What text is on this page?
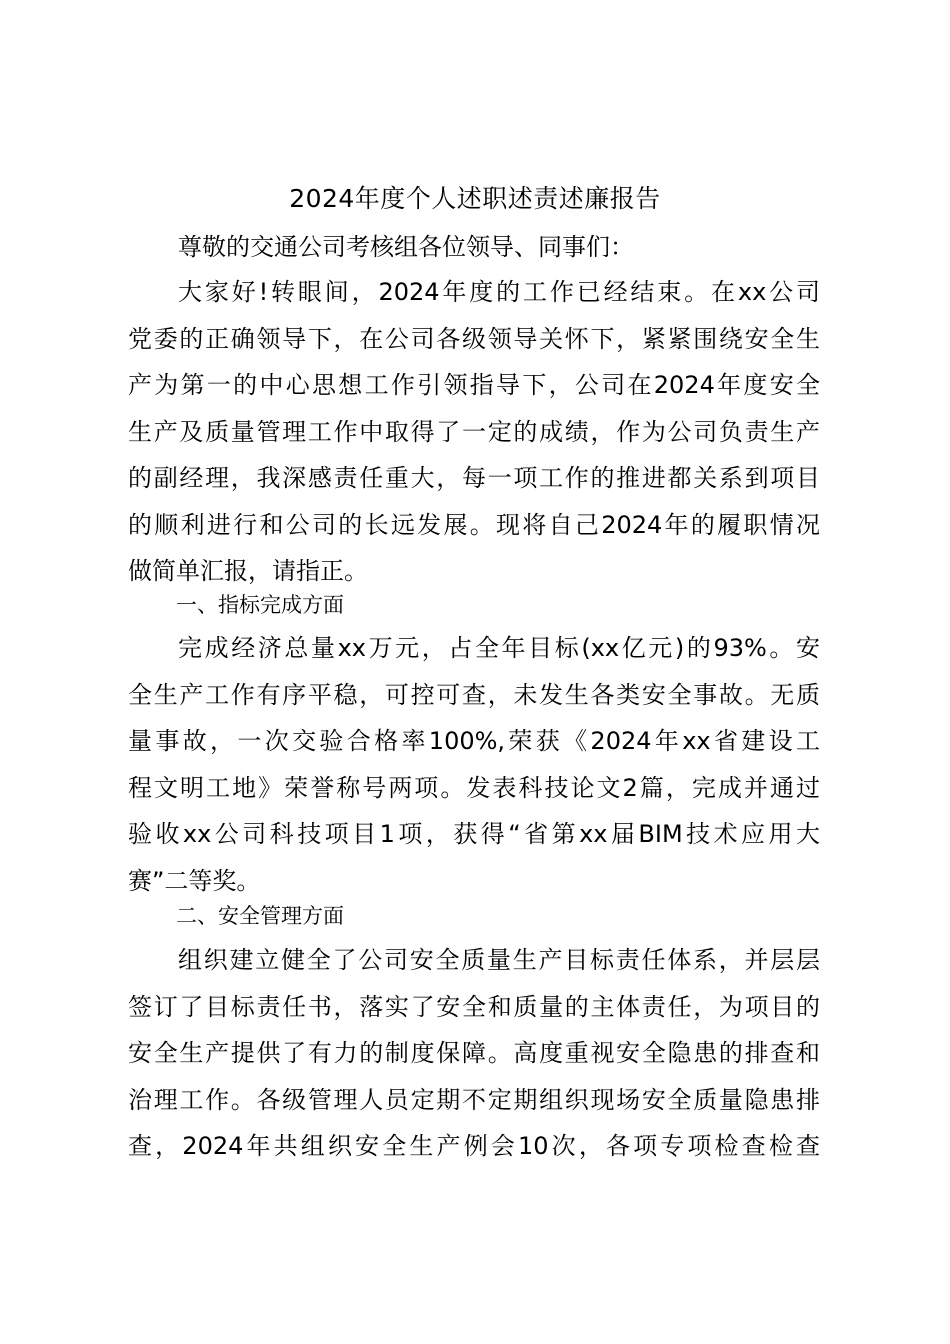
2024年度个人述职述责述廉报告

尊敬的交通公司考核组各位领导、同事们：

大家好!转眼间，2024年度的工作已经结束。在xx公司
党委的正确领导下，在公司各级领导关怀下，紧紧围绕安全生
产为第一的中心思想工作引领指导下，公司在2024年度安全
生产及质量管理工作中取得了一定的成绩，作为公司负责生产
的副经理，我深感责任重大，每一项工作的推进都关系到项目
的顺利进行和公司的长远发展。现将自己2024年的履职情况
做简单汇报，请指正。
一、指标完成方面
完成经济总量xx万元，占全年目标(xx亿元)的93%。安
全生产工作有序平稳，可控可查，未发生各类安全事故。无质
量事故，一次交验合格率100%,荣获《2024年xx省建设工
程文明工地》荣誉称号两项。发表科技论文2篇，完成并通过
验收xx公司科技项目1项，获得“省第xx届BIM技术应用大
赛”二等奖。
二、安全管理方面
组织建立健全了公司安全质量生产目标责任体系，并层层
签订了目标责任书，落实了安全和质量的主体责任，为项目的
安全生产提供了有力的制度保障。高度重视安全隐患的排查和
治理工作。各级管理人员定期不定期组织现场安全质量隐患排
查，2024年共组织安全生产例会10次，各项专项检查检查
